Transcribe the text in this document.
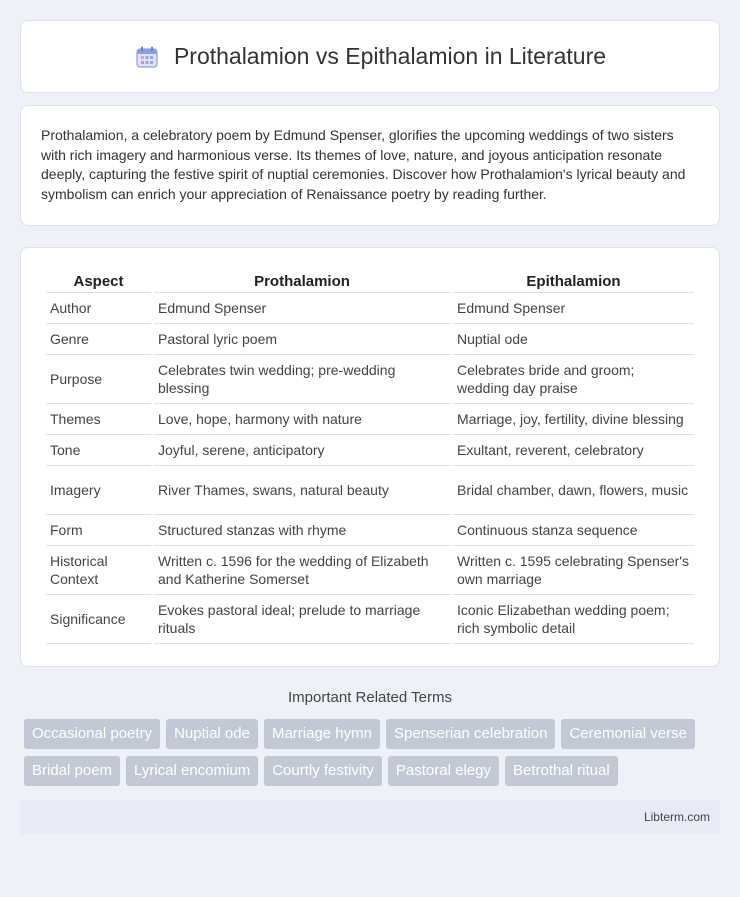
Prothalamion vs Epithalamion in Literature

Prothalamion, a celebratory poem by Edmund Spenser, glorifies the upcoming weddings of two sisters with rich imagery and harmonious verse. Its themes of love, nature, and joyous anticipation resonate deeply, capturing the festive spirit of nuptial ceremonies. Discover how Prothalamion's lyrical beauty and symbolism can enrich your appreciation of Renaissance poetry by reading further.

Aspect	Prothalamion	Epithalamion
Author	Edmund Spenser	Edmund Spenser
Genre	Pastoral lyric poem	Nuptial ode
Purpose	Celebrates twin wedding; pre-wedding blessing	Celebrates bride and groom; wedding day praise
Themes	Love, hope, harmony with nature	Marriage, joy, fertility, divine blessing
Tone	Joyful, serene, anticipatory	Exultant, reverent, celebratory
Imagery	River Thames, swans, natural beauty	Bridal chamber, dawn, flowers, music
Form	Structured stanzas with rhyme	Continuous stanza sequence
Historical Context	Written c. 1596 for the wedding of Elizabeth and Katherine Somerset	Written c. 1595 celebrating Spenser's own marriage
Significance	Evokes pastoral ideal; prelude to marriage rituals	Iconic Elizabethan wedding poem; rich symbolic detail
Important Related Terms
Occasional poetry	Nuptial ode	Marriage hymn	Spenserian celebration	Ceremonial verse
Bridal poem	Lyrical encomium	Courtly festivity	Pastoral elegy	Betrothal ritual
Libterm.com
